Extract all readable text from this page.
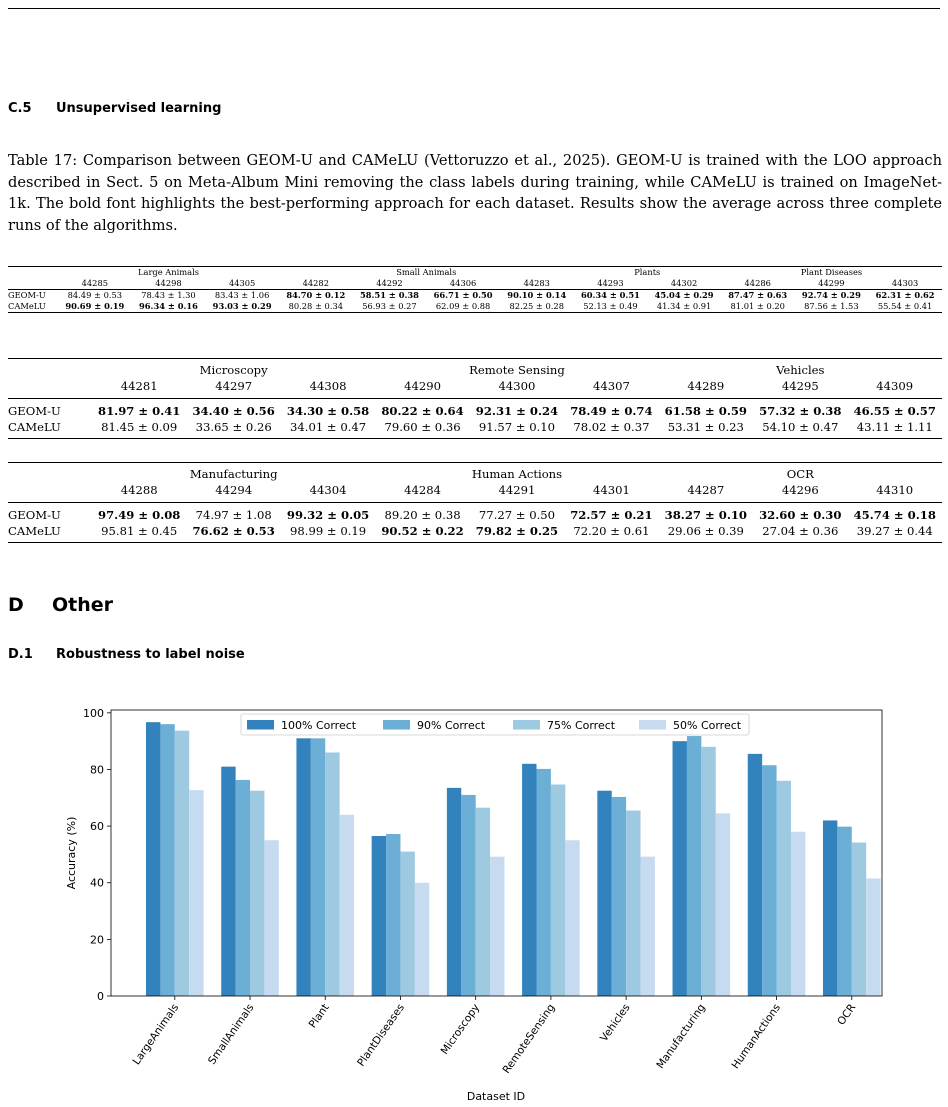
C.5 Unsupervised learning
Table 17: Comparison between GEOM-U and CAMeLU (Vettoruzzo et al., 2025). GEOM-U is trained with the LOO approach described in Sect. 5 on Meta-Album Mini removing the class labels during training, while CAMeLU is trained on ImageNet-1k. The bold font highlights the best-performing approach for each dataset. Results show the average across three complete runs of the algorithms.
	Large Animals			Small Animals				Plants		Plant Diseases		
	44285	44298	44305	44282	44292	44306	44283	44293	44302	44286	44299	44303
GEOM-U	84.49 ± 0.53	78.43 ± 1.30	83.43 ± 1.06	84.70 ± 0.12	58.51 ± 0.38	66.71 ± 0.50	90.10 ± 0.14	60.34 ± 0.51	45.04 ± 0.29	87.47 ± 0.63	92.74 ± 0.29	62.31 ± 0.62
CAMeLU	90.69 ± 0.19	96.34 ± 0.16	93.03 ± 0.29	80.28 ± 0.34	56.93 ± 0.27	62.09 ± 0.88	82.25 ± 0.28	52.13 ± 0.49	41.34 ± 0.91	81.01 ± 0.20	87.56 ± 1.53	55.54 ± 0.41
	Microscopy			Remote Sensing			Vehicles		
	44281	44297	44308	44290	44300	44307	44289	44295	44309
GEOM-U	81.97 ± 0.41	34.40 ± 0.56	34.30 ± 0.58	80.22 ± 0.64	92.31 ± 0.24	78.49 ± 0.74	61.58 ± 0.59	57.32 ± 0.38	46.55 ± 0.57
CAMeLU	81.45 ± 0.09	33.65 ± 0.26	34.01 ± 0.47	79.60 ± 0.36	91.57 ± 0.10	78.02 ± 0.37	53.31 ± 0.23	54.10 ± 0.47	43.11 ± 1.11
	Manufacturing			Human Actions			OCR		
	44288	44294	44304	44284	44291	44301	44287	44296	44310
GEOM-U	97.49 ± 0.08	74.97 ± 1.08	99.32 ± 0.05	89.20 ± 0.38	77.27 ± 0.50	72.57 ± 0.21	38.27 ± 0.10	32.60 ± 0.30	45.74 ± 0.18
CAMeLU	95.81 ± 0.45	76.62 ± 0.53	98.99 ± 0.19	90.52 ± 0.22	79.82 ± 0.25	72.20 ± 0.61	29.06 ± 0.39	27.04 ± 0.36	39.27 ± 0.44
D Other
D.1 Robustness to label noise
0
20
40
60
80
100
LargeAnimals SmallAnimals	Plant PlantDiseases	Microscopy RemoteSensing	Vehicles Manufacturing HumanActions	OCR
Dataset ID
Accuracy (%)
100% Correct	90% Correct	75% Correct	50% Correct
